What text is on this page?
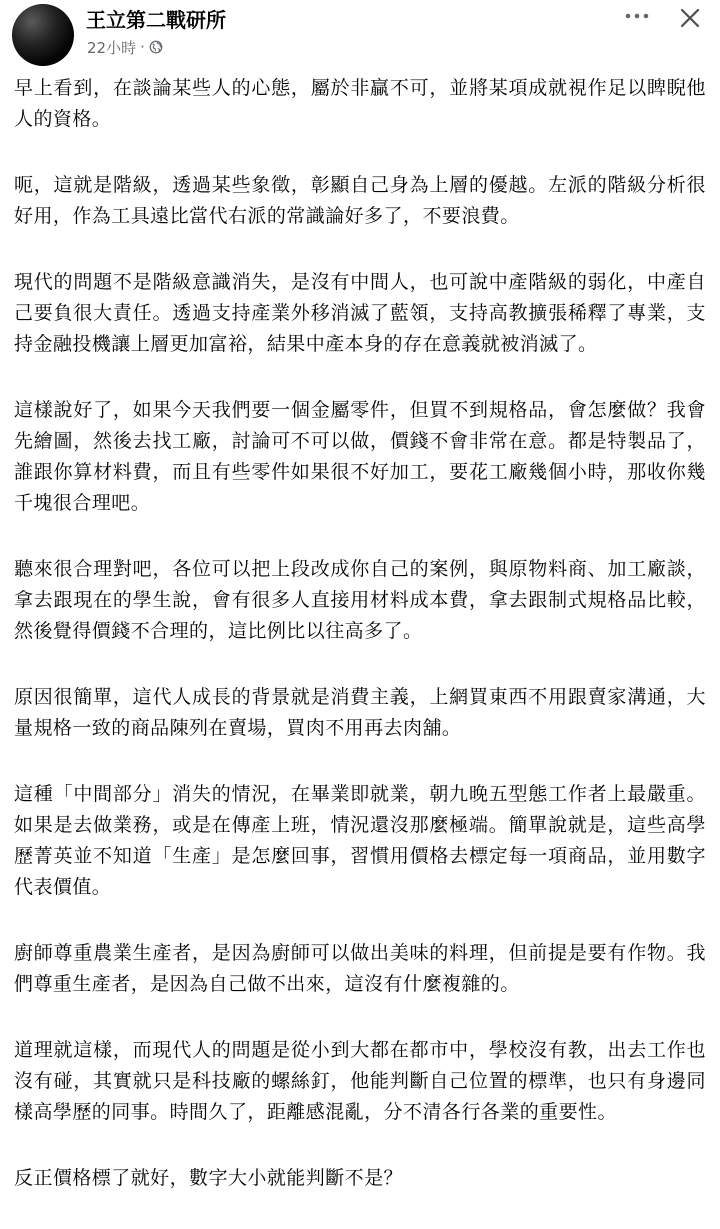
王立第二戰研所
22小時 ·

早上看到，在談論某些人的心態，屬於非贏不可，並將某項成就視作足以睥睨他人的資格。

呃，這就是階級，透過某些象徵，彰顯自己身為上層的優越。左派的階級分析很好用，作為工具遠比當代右派的常識論好多了，不要浪費。

現代的問題不是階級意識消失，是沒有中間人，也可說中產階級的弱化，中產自己要負很大責任。透過支持產業外移消滅了藍領，支持高教擴張稀釋了專業，支持金融投機讓上層更加富裕，結果中產本身的存在意義就被消滅了。

這樣說好了，如果今天我們要一個金屬零件，但買不到規格品，會怎麼做？我會先繪圖，然後去找工廠，討論可不可以做，價錢不會非常在意。都是特製品了，誰跟你算材料費，而且有些零件如果很不好加工，要花工廠幾個小時，那收你幾千塊很合理吧。

聽來很合理對吧，各位可以把上段改成你自己的案例，與原物料商、加工廠談，拿去跟現在的學生說，會有很多人直接用材料成本費，拿去跟制式規格品比較，然後覺得價錢不合理的，這比例比以往高多了。

原因很簡單，這代人成長的背景就是消費主義，上網買東西不用跟賣家溝通，大量規格一致的商品陳列在賣場，買肉不用再去肉舖。

這種「中間部分」消失的情況，在畢業即就業，朝九晚五型態工作者上最嚴重。如果是去做業務，或是在傳產上班，情況還沒那麼極端。簡單說就是，這些高學歷菁英並不知道「生產」是怎麼回事，習慣用價格去標定每一項商品，並用數字代表價值。

廚師尊重農業生產者，是因為廚師可以做出美味的料理，但前提是要有作物。我們尊重生產者，是因為自己做不出來，這沒有什麼複雜的。

道理就這樣，而現代人的問題是從小到大都在都市中，學校沒有教，出去工作也沒有碰，其實就只是科技廠的螺絲釘，他能判斷自己位置的標準，也只有身邊同樣高學歷的同事。時間久了，距離感混亂，分不清各行各業的重要性。

反正價格標了就好，數字大小就能判斷不是？
